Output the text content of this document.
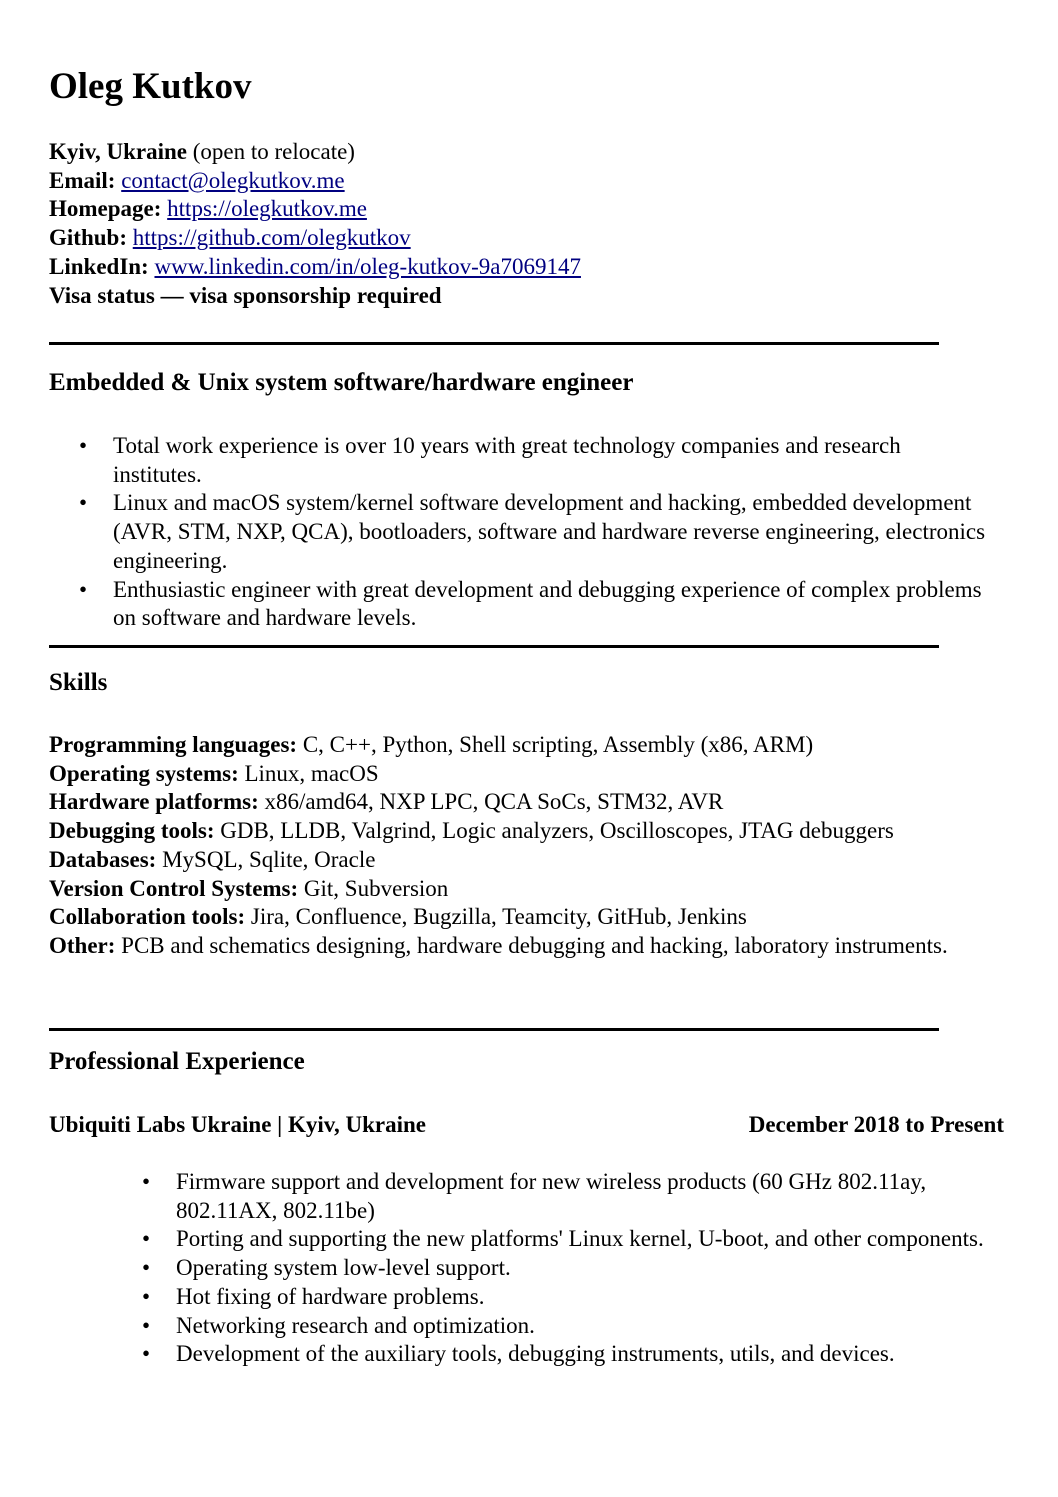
Oleg Kutkov
Kyiv, Ukraine (open to relocate)
Email: contact@olegkutkov.me
Homepage: https://olegkutkov.me
Github: https://github.com/olegkutkov
LinkedIn: www.linkedin.com/in/oleg-kutkov-9a7069147
Visa status — visa sponsorship required
Embedded & Unix system software/hardware engineer
• Total work experience is over 10 years with great technology companies and research institutes.
• Linux and macOS system/kernel software development and hacking, embedded development (AVR, STM, NXP, QCA), bootloaders, software and hardware reverse engineering, electronics engineering.
• Enthusiastic engineer with great development and debugging experience of complex problems on software and hardware levels.
Skills
Programming languages: C, C++, Python, Shell scripting, Assembly (x86, ARM)
Operating systems: Linux, macOS
Hardware platforms: x86/amd64, NXP LPC, QCA SoCs, STM32, AVR
Debugging tools: GDB, LLDB, Valgrind, Logic analyzers, Oscilloscopes, JTAG debuggers
Databases: MySQL, Sqlite, Oracle
Version Control Systems: Git, Subversion
Collaboration tools: Jira, Confluence, Bugzilla, Teamcity, GitHub, Jenkins
Other: PCB and schematics designing, hardware debugging and hacking, laboratory instruments.
Professional Experience
Ubiquiti Labs Ukraine | Kyiv, Ukraine	December 2018 to Present
• Firmware support and development for new wireless products (60 GHz 802.11ay, 802.11AX, 802.11be)
• Porting and supporting the new platforms' Linux kernel, U-boot, and other components.
• Operating system low-level support.
• Hot fixing of hardware problems.
• Networking research and optimization.
• Development of the auxiliary tools, debugging instruments, utils, and devices.
